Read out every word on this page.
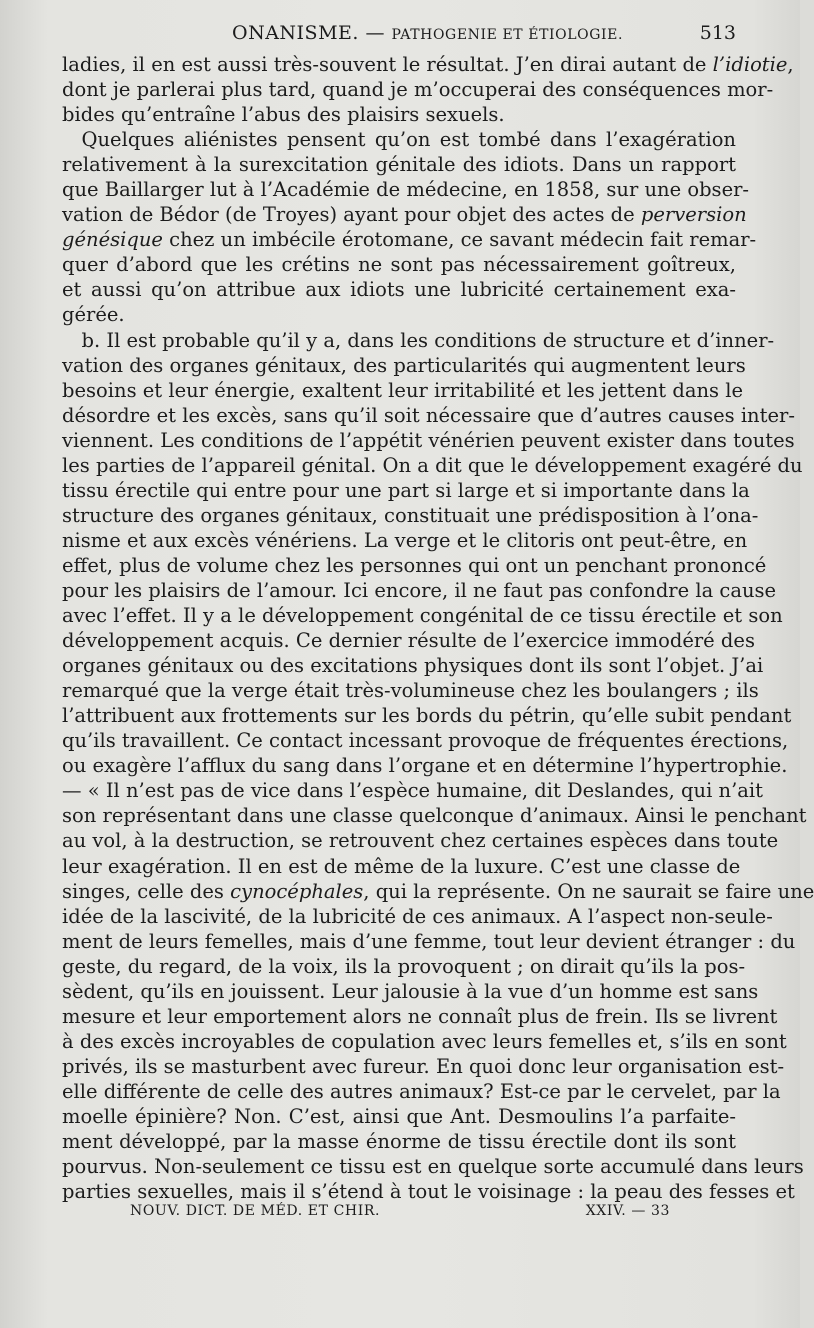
ONANISME. — PATHOGENIE ET ÉTIOLOGIE.	513
ladies, il en est aussi très-souvent le résultat. J’en dirai autant de l’idiotie,
dont je parlerai plus tard, quand je m’occuperai des conséquences mor-
bides qu’entraîne l’abus des plaisirs sexuels.
 Quelques aliénistes pensent qu’on est tombé dans l’exagération
relativement à la surexcitation génitale des idiots. Dans un rapport
que Baillarger lut à l’Académie de médecine, en 1858, sur une obser-
vation de Bédor (de Troyes) ayant pour objet des actes de perversion
génésique chez un imbécile érotomane, ce savant médecin fait remar-
quer d’abord que les crétins ne sont pas nécessairement goîtreux,
et aussi qu’on attribue aux idiots une lubricité certainement exa-
gérée.
 b. Il est probable qu’il y a, dans les conditions de structure et d’inner-
vation des organes génitaux, des particularités qui augmentent leurs
besoins et leur énergie, exaltent leur irritabilité et les jettent dans le
désordre et les excès, sans qu’il soit nécessaire que d’autres causes inter-
viennent. Les conditions de l’appétit vénérien peuvent exister dans toutes
les parties de l’appareil génital. On a dit que le développement exagéré du
tissu érectile qui entre pour une part si large et si importante dans la
structure des organes génitaux, constituait une prédisposition à l’ona-
nisme et aux excès vénériens. La verge et le clitoris ont peut-être, en
effet, plus de volume chez les personnes qui ont un penchant prononcé
pour les plaisirs de l’amour. Ici encore, il ne faut pas confondre la cause
avec l’effet. Il y a le développement congénital de ce tissu érectile et son
développement acquis. Ce dernier résulte de l’exercice immodéré des
organes génitaux ou des excitations physiques dont ils sont l’objet. J’ai
remarqué que la verge était très-volumineuse chez les boulangers ; ils
l’attribuent aux frottements sur les bords du pétrin, qu’elle subit pendant
qu’ils travaillent. Ce contact incessant provoque de fréquentes érections,
ou exagère l’afflux du sang dans l’organe et en détermine l’hypertrophie.
— « Il n’est pas de vice dans l’espèce humaine, dit Deslandes, qui n’ait
son représentant dans une classe quelconque d’animaux. Ainsi le penchant
au vol, à la destruction, se retrouvent chez certaines espèces dans toute
leur exagération. Il en est de même de la luxure. C’est une classe de
singes, celle des cynocéphales, qui la représente. On ne saurait se faire une
idée de la lascivité, de la lubricité de ces animaux. A l’aspect non-seule-
ment de leurs femelles, mais d’une femme, tout leur devient étranger : du
geste, du regard, de la voix, ils la provoquent ; on dirait qu’ils la pos-
sèdent, qu’ils en jouissent. Leur jalousie à la vue d’un homme est sans
mesure et leur emportement alors ne connaît plus de frein. Ils se livrent
à des excès incroyables de copulation avec leurs femelles et, s’ils en sont
privés, ils se masturbent avec fureur. En quoi donc leur organisation est-
elle différente de celle des autres animaux? Est-ce par le cervelet, par la
moelle épinière? Non. C’est, ainsi que Ant. Desmoulins l’a parfaite-
ment développé, par la masse énorme de tissu érectile dont ils sont
pourvus. Non-seulement ce tissu est en quelque sorte accumulé dans leurs
parties sexuelles, mais il s’étend à tout le voisinage : la peau des fesses et
NOUV. DICT. DE MÉD. ET CHIR.	XXIV. — 33
